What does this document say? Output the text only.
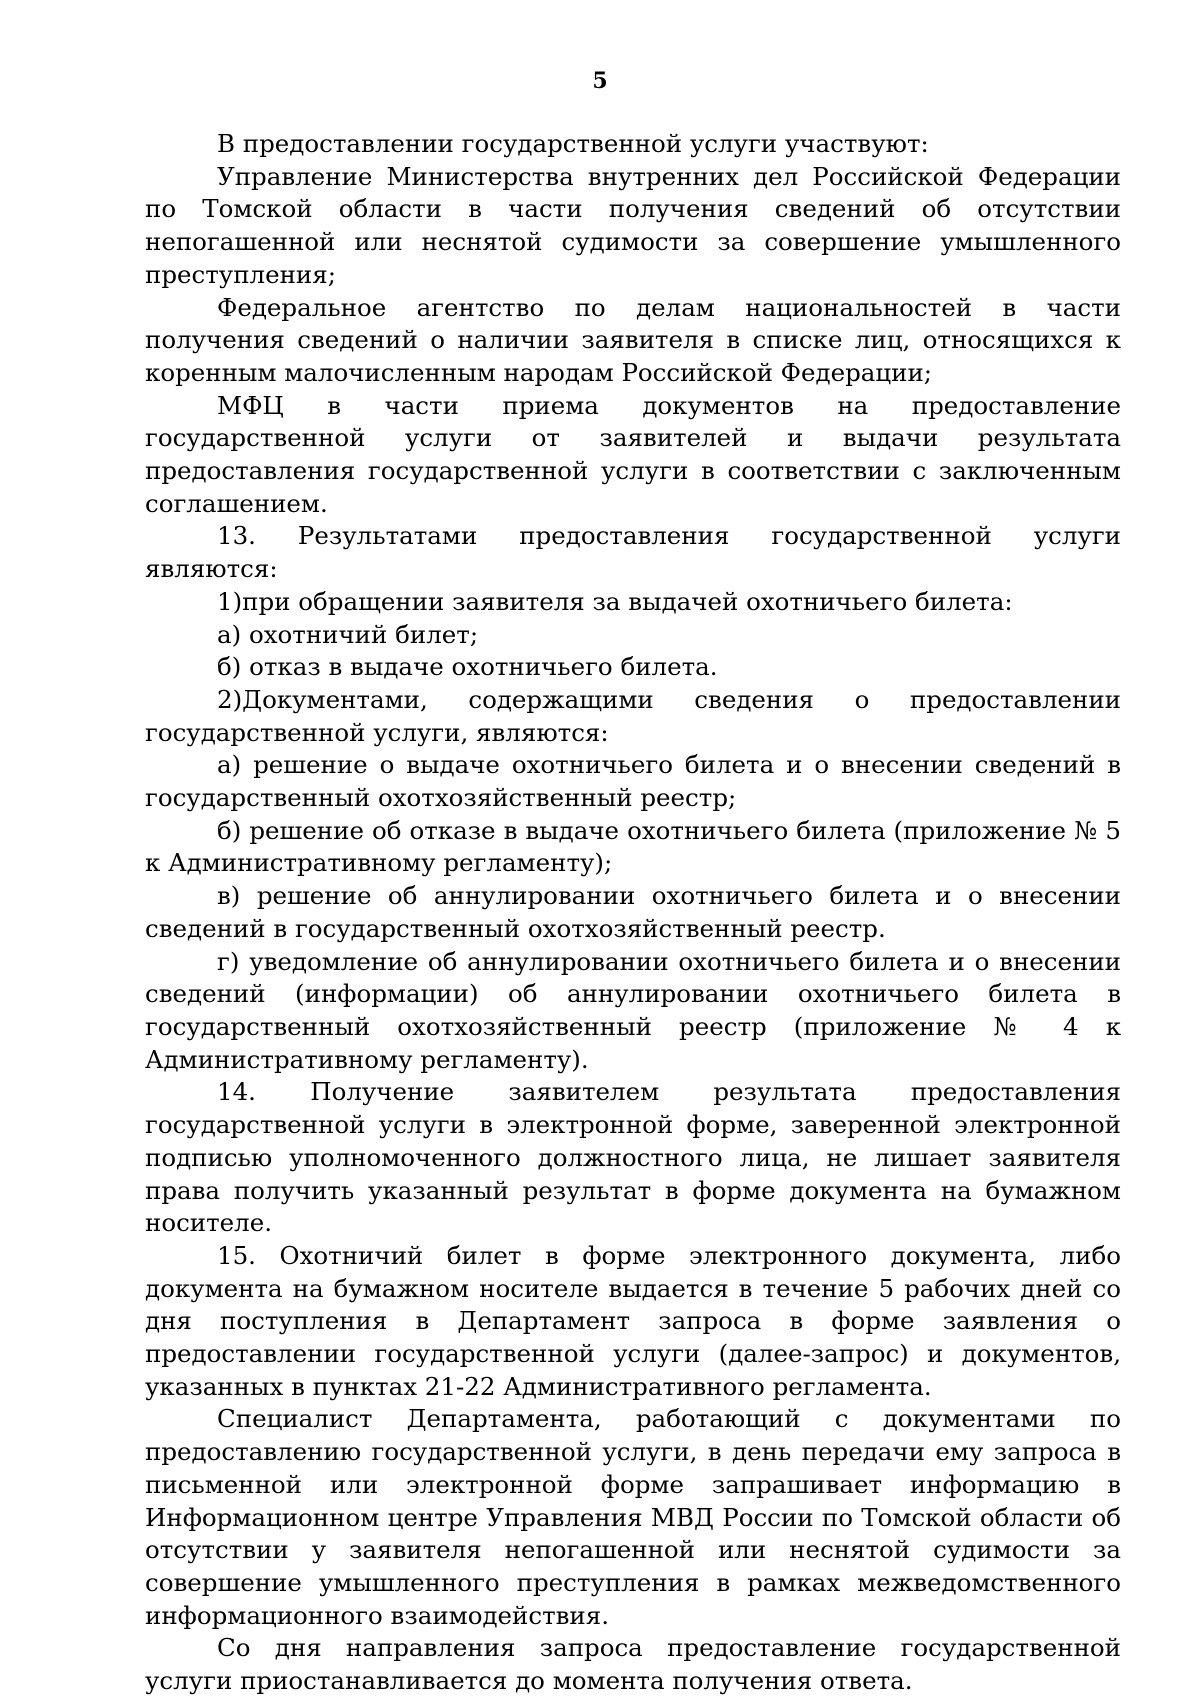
5

В предоставлении государственной услуги участвуют:

Управление Министерства внутренних дел Российской Федерации по Томской области в части получения сведений об отсутствии непогашенной или неснятой судимости за совершение умышленного преступления;

Федеральное агентство по делам национальностей в части получения сведений о наличии заявителя в списке лиц, относящихся к коренным малочисленным народам Российской Федерации;

МФЦ в части приема документов на предоставление государственной услуги от заявителей и выдачи результата предоставления государственной услуги в соответствии с заключенным соглашением.

13. Результатами предоставления государственной услуги являются:

1)при обращении заявителя за выдачей охотничьего билета:

а) охотничий билет;

б) отказ в выдаче охотничьего билета.

2)Документами, содержащими сведения о предоставлении государственной услуги, являются:

а) решение о выдаче охотничьего билета и о внесении сведений в государственный охотхозяйственный реестр;

б) решение об отказе в выдаче охотничьего билета (приложение № 5 к Административному регламенту);

в) решение об аннулировании охотничьего билета и о внесении сведений в государственный охотхозяйственный реестр.

г) уведомление об аннулировании охотничьего билета и о внесении сведений (информации) об аннулировании охотничьего билета в государственный охотхозяйственный реестр (приложение № 4 к Административному регламенту).

14. Получение заявителем результата предоставления государственной услуги в электронной форме, заверенной электронной подписью уполномоченного должностного лица, не лишает заявителя права получить указанный результат в форме документа на бумажном носителе.

15. Охотничий билет в форме электронного документа, либо документа на бумажном носителе выдается в течение 5 рабочих дней со дня поступления в Департамент запроса в форме заявления о предоставлении государственной услуги (далее-запрос) и документов, указанных в пунктах 21-22 Административного регламента.

Специалист Департамента, работающий с документами по предоставлению государственной услуги, в день передачи ему запроса в письменной или электронной форме запрашивает информацию в Информационном центре Управления МВД России по Томской области об отсутствии у заявителя непогашенной или неснятой судимости за совершение умышленного преступления в рамках межведомственного информационного взаимодействия.

Со дня направления запроса предоставление государственной услуги приостанавливается до момента получения ответа.
